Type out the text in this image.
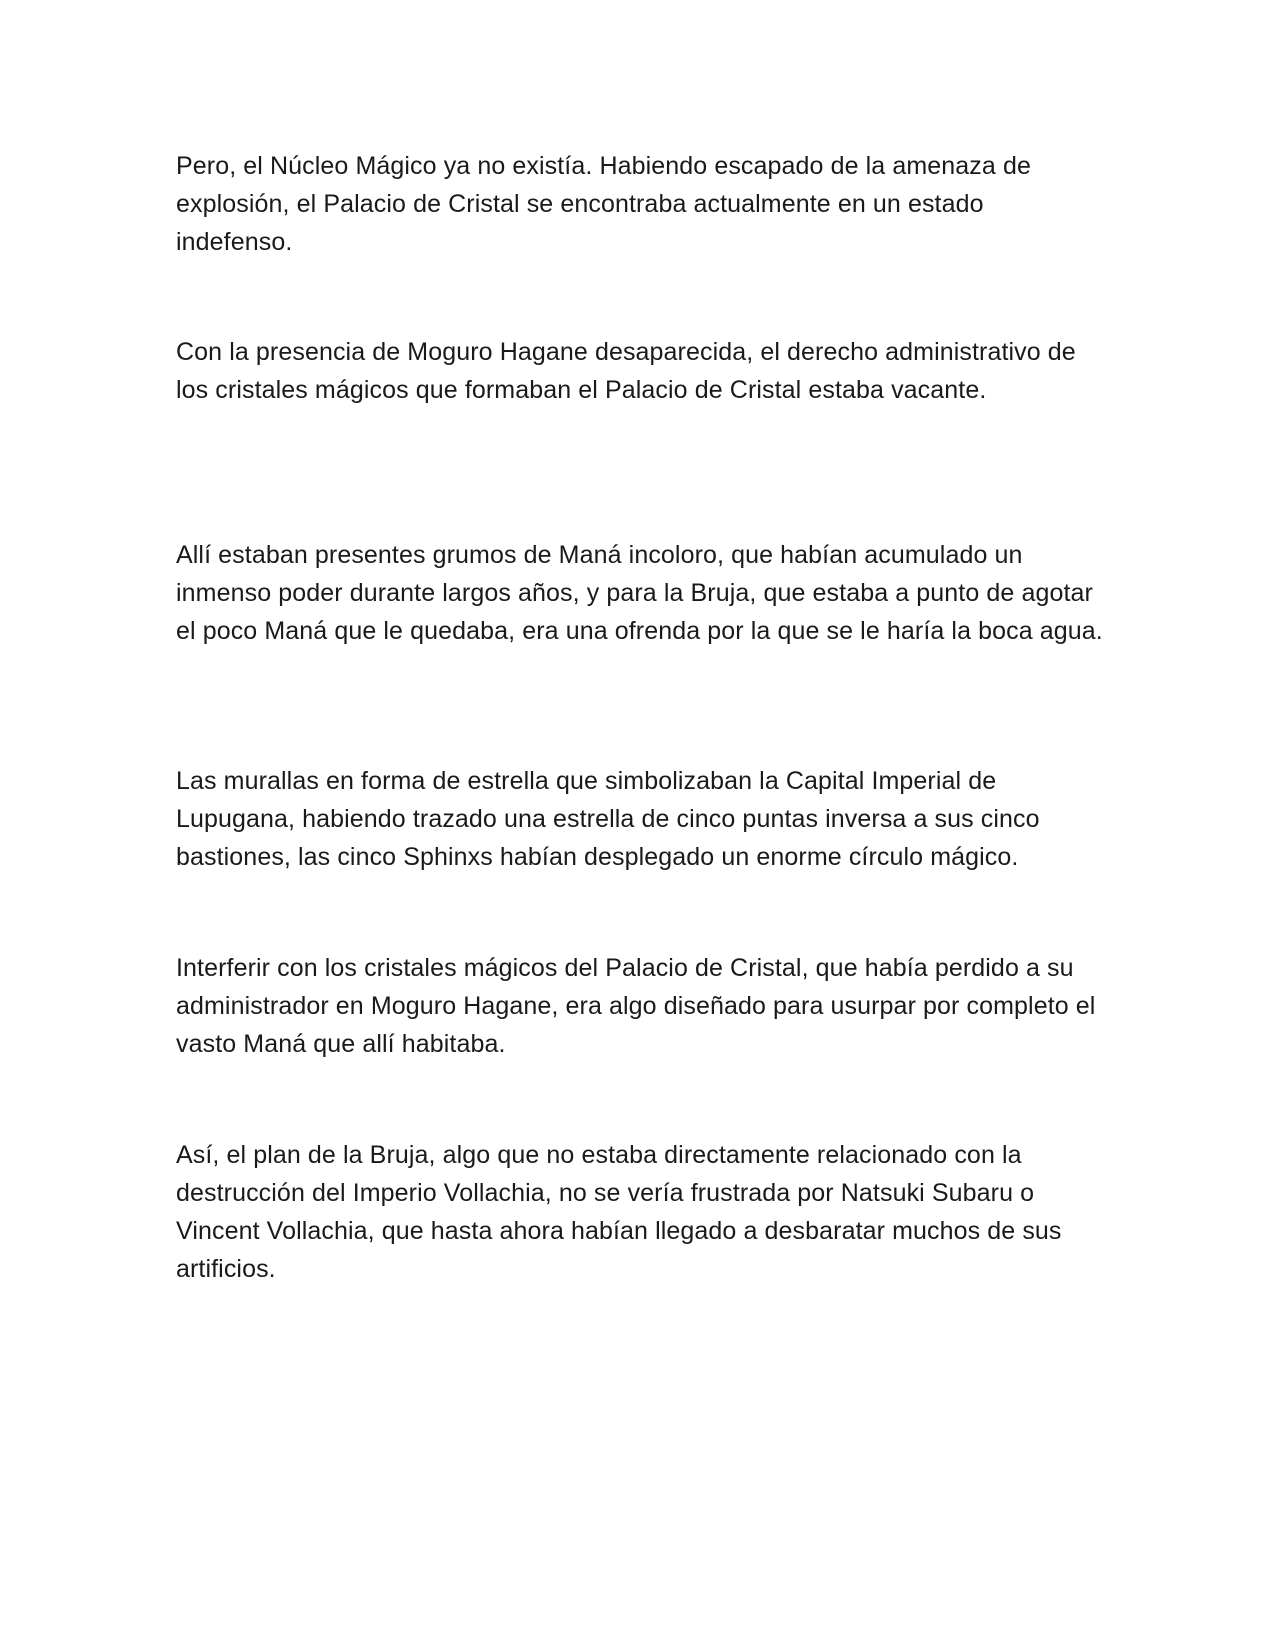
Pero, el Núcleo Mágico ya no existía. Habiendo escapado de la amenaza de explosión, el Palacio de Cristal se encontraba actualmente en un estado indefenso.

Con la presencia de Moguro Hagane desaparecida, el derecho administrativo de los cristales mágicos que formaban el Palacio de Cristal estaba vacante.

Allí estaban presentes grumos de Maná incoloro, que habían acumulado un inmenso poder durante largos años, y para la Bruja, que estaba a punto de agotar el poco Maná que le quedaba, era una ofrenda por la que se le haría la boca agua.

Las murallas en forma de estrella que simbolizaban la Capital Imperial de Lupugana, habiendo trazado una estrella de cinco puntas inversa a sus cinco bastiones, las cinco Sphinxs habían desplegado un enorme círculo mágico.

Interferir con los cristales mágicos del Palacio de Cristal, que había perdido a su administrador en Moguro Hagane, era algo diseñado para usurpar por completo el vasto Maná que allí habitaba.

Así, el plan de la Bruja, algo que no estaba directamente relacionado con la destrucción del Imperio Vollachia, no se vería frustrada por Natsuki Subaru o Vincent Vollachia, que hasta ahora habían llegado a desbaratar muchos de sus artificios.
